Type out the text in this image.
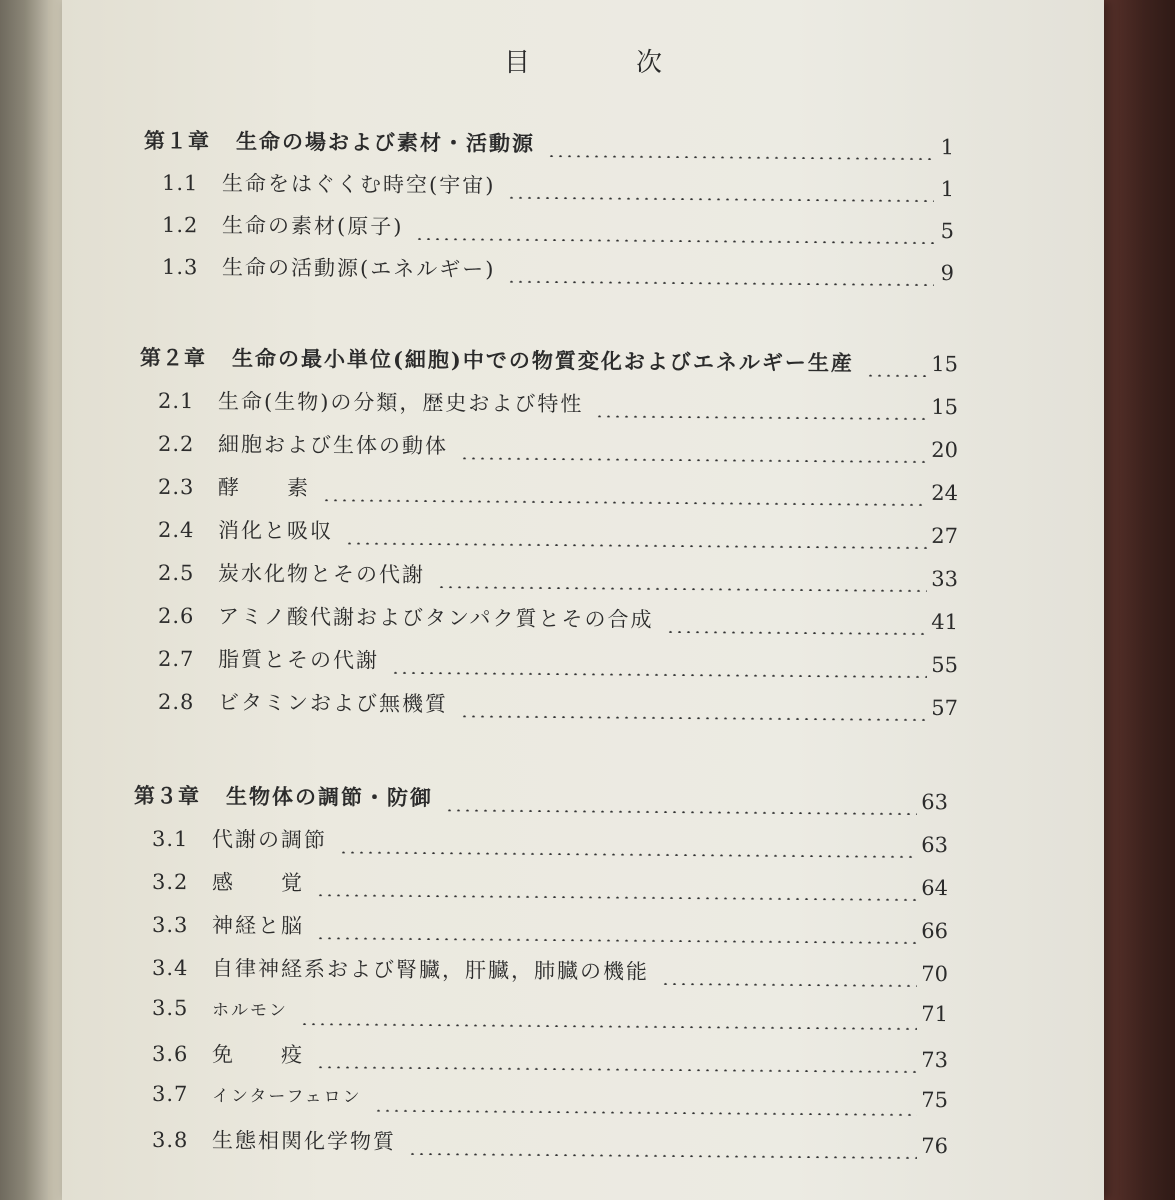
目　次
第１章	生命の場および素材・活動源	1
1.1	生命をはぐくむ時空(宇宙)	1
1.2	生命の素材(原子)	5
1.3	生命の活動源(エネルギー)	9
第２章	生命の最小単位(細胞)中での物質変化およびエネルギー生産	15
2.1	生命(生物)の分類，歴史および特性	15
2.2	細胞および生体の動体	20
2.3	酵　　素	24
2.4	消化と吸収	27
2.5	炭水化物とその代謝	33
2.6	アミノ酸代謝およびタンパク質とその合成	41
2.7	脂質とその代謝	55
2.8	ビタミンおよび無機質	57
第３章	生物体の調節・防御	63
3.1	代謝の調節	63
3.2	感　　覚	64
3.3	神経と脳	66
3.4	自律神経系および腎臓，肝臓，肺臓の機能	70
3.5	ホルモン	71
3.6	免　　疫	73
3.7	インターフェロン	75
3.8	生態相関化学物質	76
